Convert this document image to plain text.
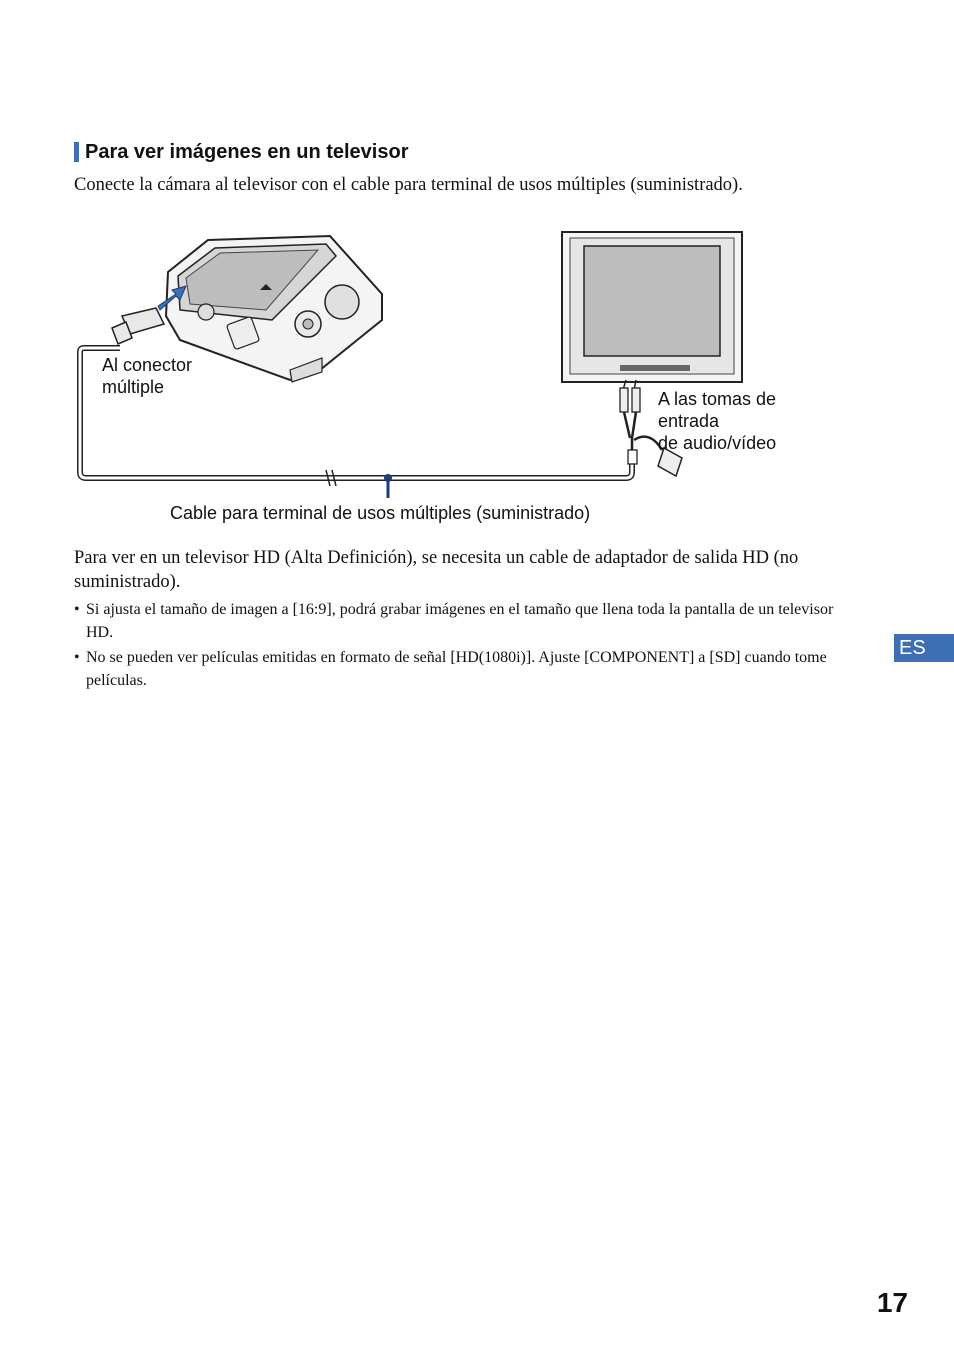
Para ver imágenes en un televisor
Conecte la cámara al televisor con el cable para terminal de usos múltiples (suministrado).
Al conector
múltiple
A las tomas de entrada
de audio/vídeo
Cable para terminal de usos múltiples (suministrado)
Para ver en un televisor HD (Alta Definición), se necesita un cable de adaptador de salida HD (no suministrado).
• Si ajusta el tamaño de imagen a [16:9], podrá grabar imágenes en el tamaño que llena toda la pantalla de un televisor HD.
• No se pueden ver películas emitidas en formato de señal [HD(1080i)]. Ajuste [COMPONENT] a [SD] cuando tome películas.
ES
17
